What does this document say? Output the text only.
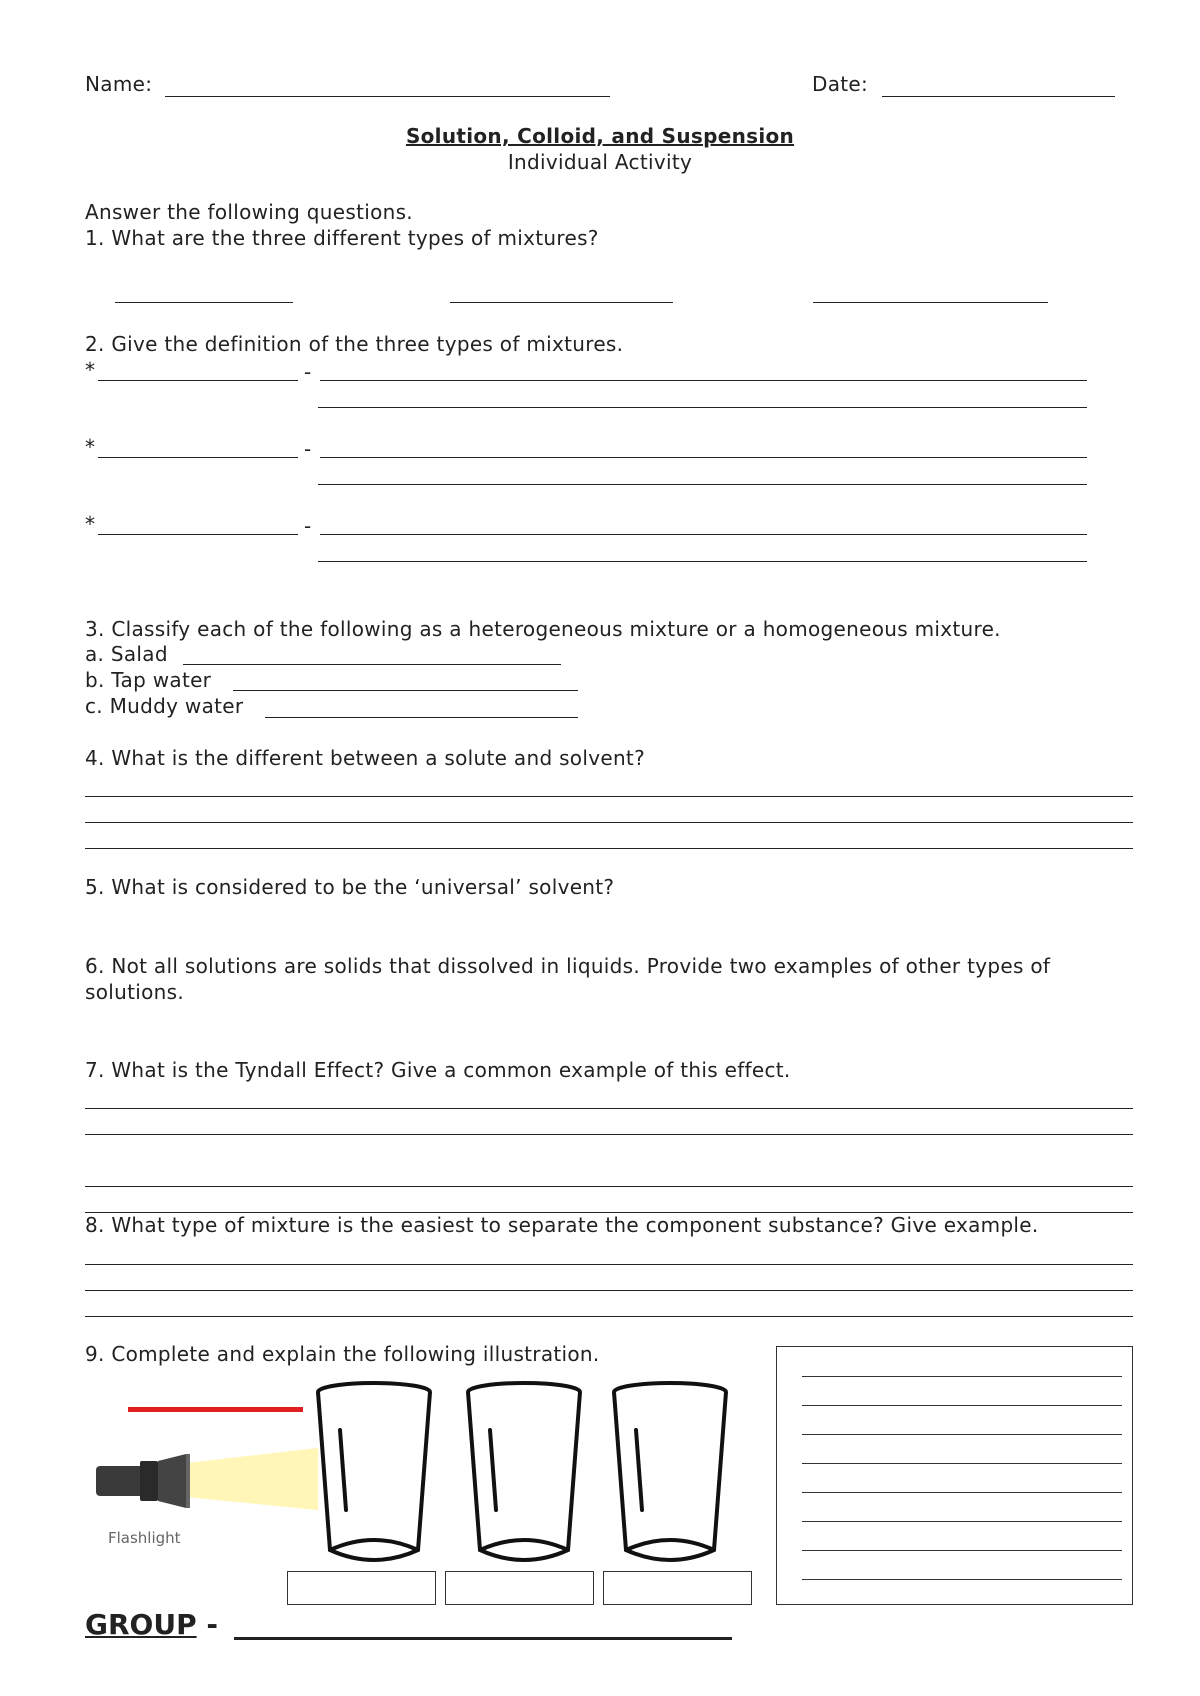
Name:	Date:
Solution, Colloid, and Suspension
Individual Activity
Answer the following questions.
1. What are the three different types of mixtures?
2. Give the definition of the three types of mixtures.
*	-
*	-
*	-
3. Classify each of the following as a heterogeneous mixture or a homogeneous mixture.
a. Salad
b. Tap water
c. Muddy water
4. What is the different between a solute and solvent?
5. What is considered to be the ‘universal’ solvent?
6. Not all solutions are solids that dissolved in liquids. Provide two examples of other types of
solutions.
7. What is the Tyndall Effect? Give a common example of this effect.
8. What type of mixture is the easiest to separate the component substance? Give example.
9. Complete and explain the following illustration.
Flashlight
GROUP -
